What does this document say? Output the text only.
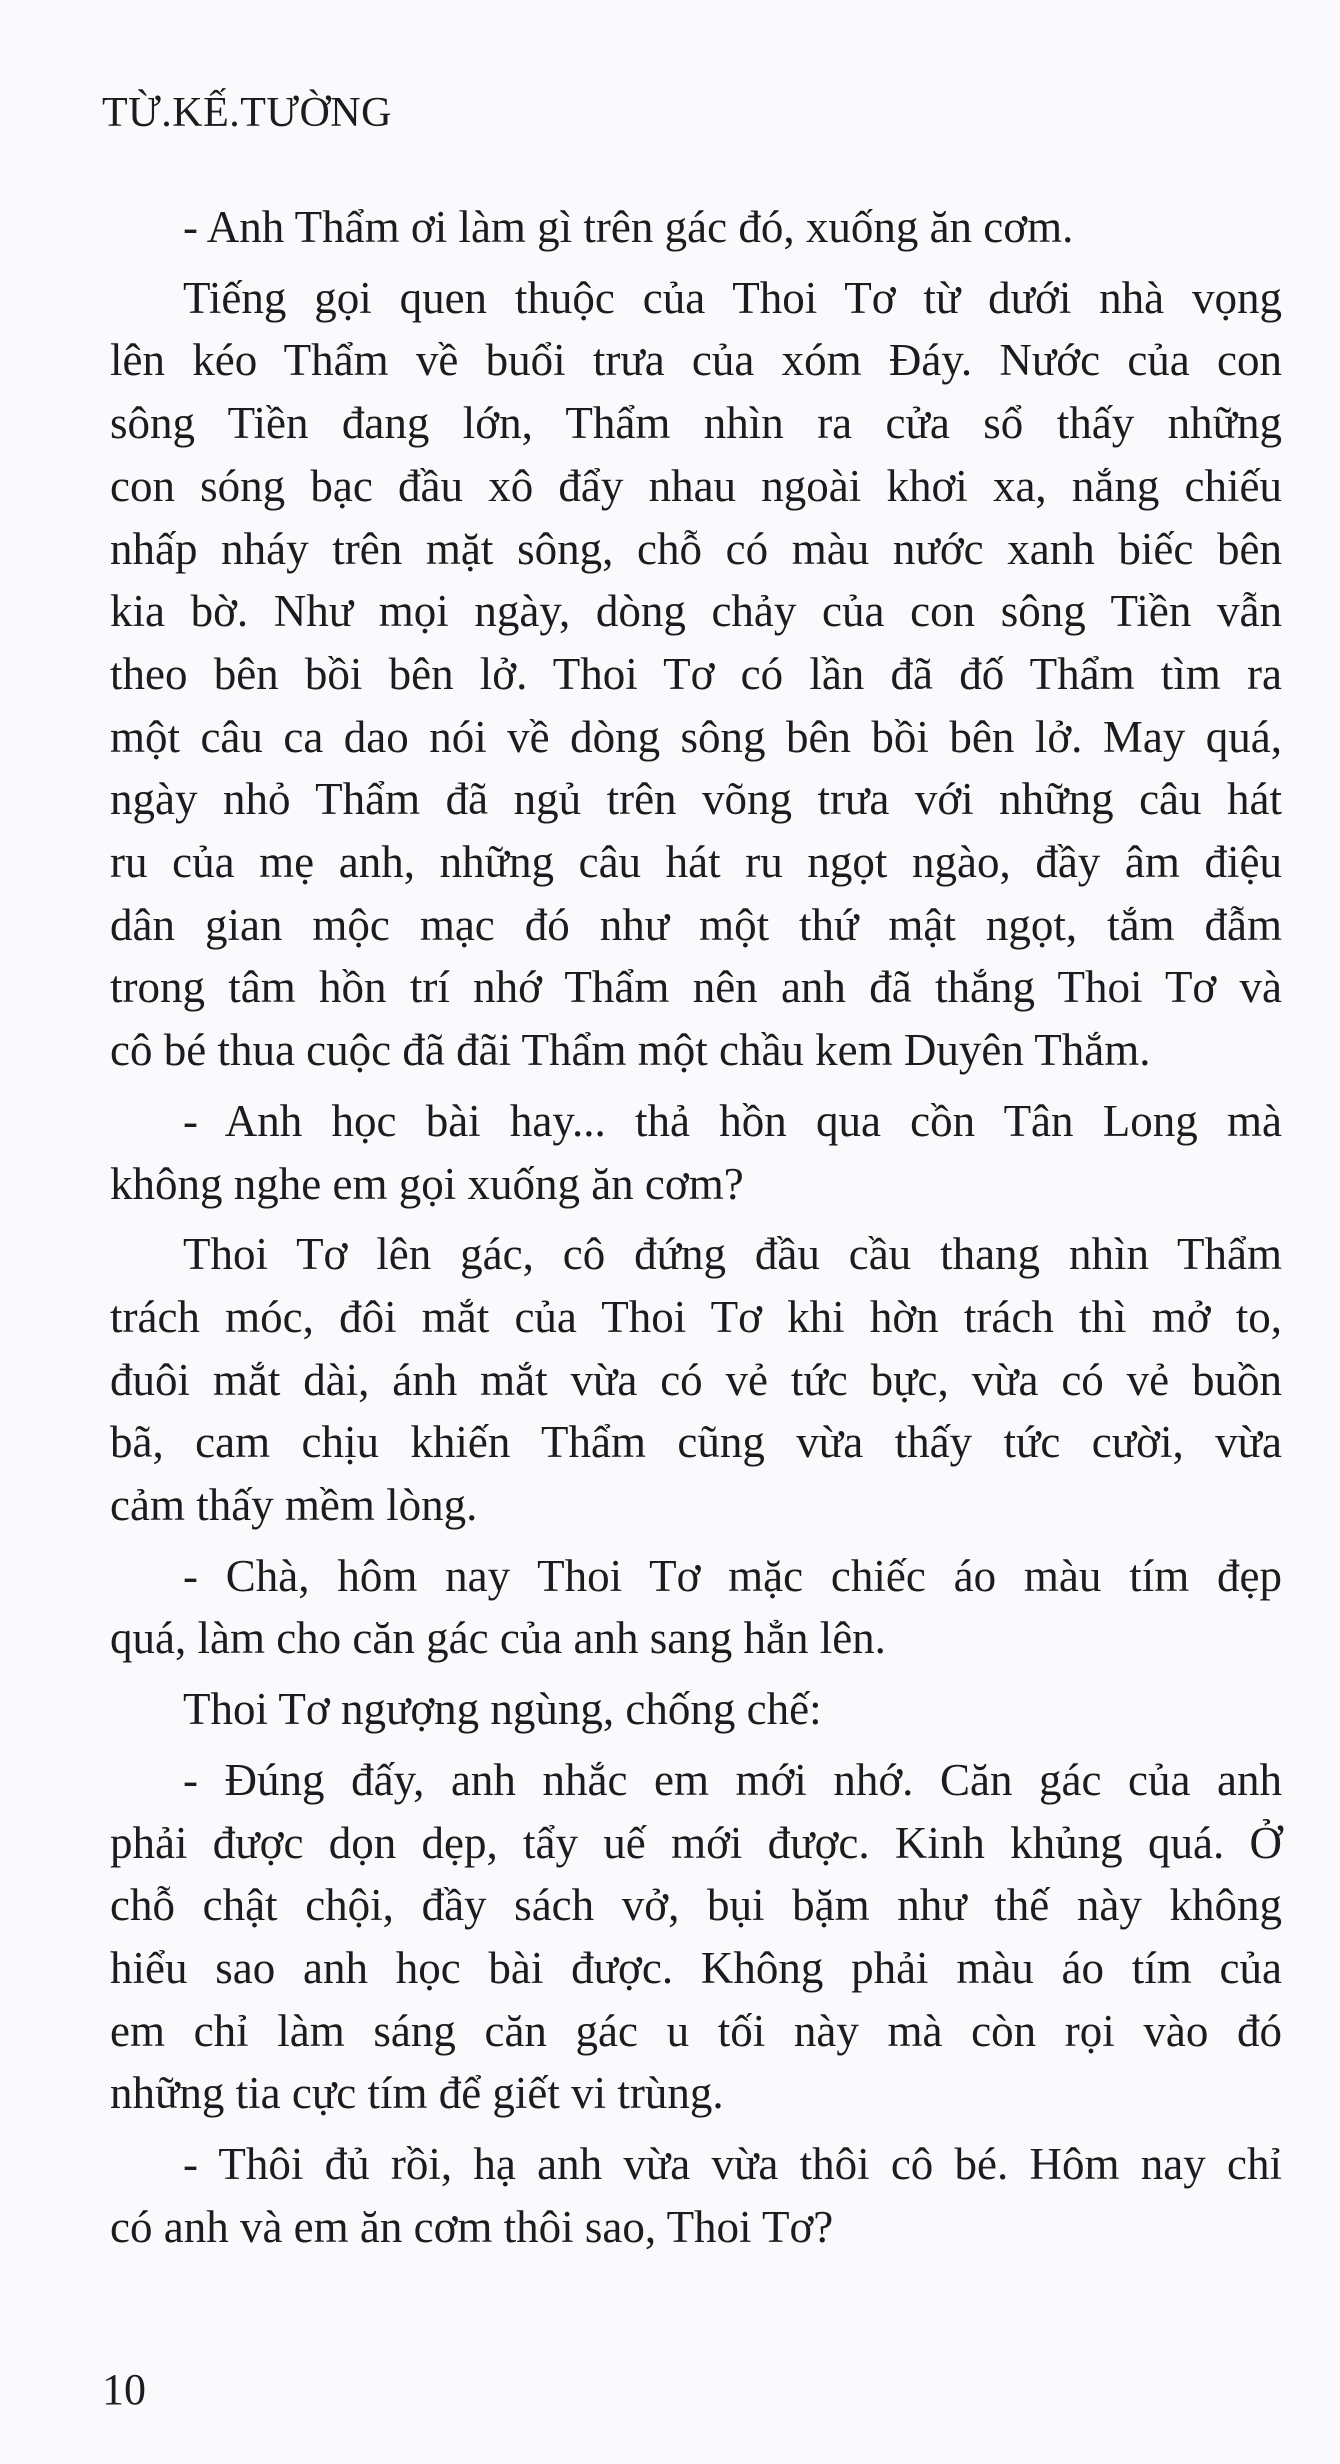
TỪ.KẾ.TƯỜNG
- Anh Thẩm ơi làm gì trên gác đó, xuống ăn cơm.
Tiếng gọi quen thuộc của Thoi Tơ từ dưới nhà vọng
lên kéo Thẩm về buổi trưa của xóm Đáy. Nước của con
sông Tiền đang lớn, Thẩm nhìn ra cửa sổ thấy những
con sóng bạc đầu xô đẩy nhau ngoài khơi xa, nắng chiếu
nhấp nháy trên mặt sông, chỗ có màu nước xanh biếc bên
kia bờ. Như mọi ngày, dòng chảy của con sông Tiền vẫn
theo bên bồi bên lở. Thoi Tơ có lần đã đố Thẩm tìm ra
một câu ca dao nói về dòng sông bên bồi bên lở. May quá,
ngày nhỏ Thẩm đã ngủ trên võng trưa với những câu hát
ru của mẹ anh, những câu hát ru ngọt ngào, đầy âm điệu
dân gian mộc mạc đó như một thứ mật ngọt, tắm đẫm
trong tâm hồn trí nhớ Thẩm nên anh đã thắng Thoi Tơ và
cô bé thua cuộc đã đãi Thẩm một chầu kem Duyên Thắm.
- Anh học bài hay... thả hồn qua cồn Tân Long mà
không nghe em gọi xuống ăn cơm?
Thoi Tơ lên gác, cô đứng đầu cầu thang nhìn Thẩm
trách móc, đôi mắt của Thoi Tơ khi hờn trách thì mở to,
đuôi mắt dài, ánh mắt vừa có vẻ tức bực, vừa có vẻ buồn
bã, cam chịu khiến Thẩm cũng vừa thấy tức cười, vừa
cảm thấy mềm lòng.
- Chà, hôm nay Thoi Tơ mặc chiếc áo màu tím đẹp
quá, làm cho căn gác của anh sang hẳn lên.
Thoi Tơ ngượng ngùng, chống chế:
- Đúng đấy, anh nhắc em mới nhớ. Căn gác của anh
phải được dọn dẹp, tẩy uế mới được. Kinh khủng quá. Ở
chỗ chật chội, đầy sách vở, bụi bặm như thế này không
hiểu sao anh học bài được. Không phải màu áo tím của
em chỉ làm sáng căn gác u tối này mà còn rọi vào đó
những tia cực tím để giết vi trùng.
- Thôi đủ rồi, hạ anh vừa vừa thôi cô bé. Hôm nay chỉ
có anh và em ăn cơm thôi sao, Thoi Tơ?
10
